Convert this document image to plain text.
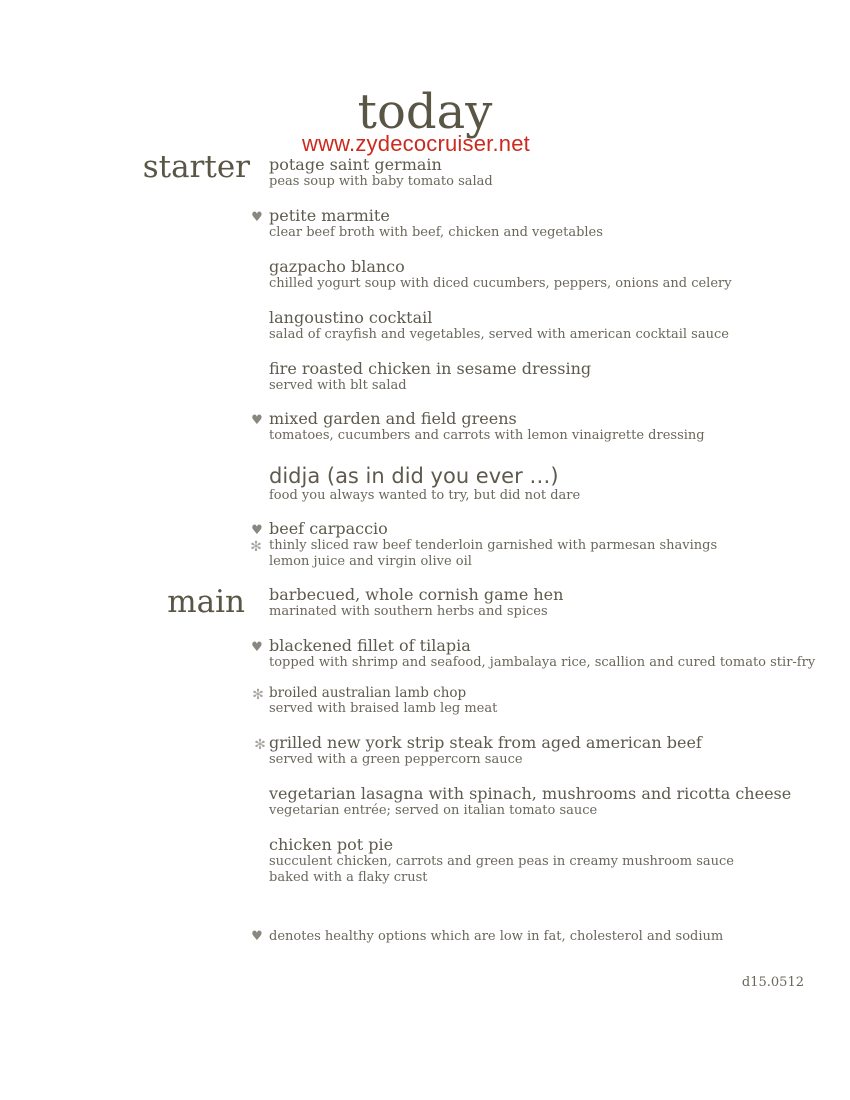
today
www.zydecocruiser.net
starter
main
potage saint germain
peas soup with baby tomato salad
♥ petite marmite
clear beef broth with beef, chicken and vegetables
gazpacho blanco
chilled yogurt soup with diced cucumbers, peppers, onions and celery
langoustino cocktail
salad of crayfish and vegetables, served with american cocktail sauce
fire roasted chicken in sesame dressing
served with blt salad
♥ mixed garden and field greens
tomatoes, cucumbers and carrots with lemon vinaigrette dressing
didja (as in did you ever …)
food you always wanted to try, but did not dare
♥
✻
beef carpaccio
thinly sliced raw beef tenderloin garnished with parmesan shavings
lemon juice and virgin olive oil
barbecued, whole cornish game hen
marinated with southern herbs and spices
♥ blackened fillet of tilapia
topped with shrimp and seafood, jambalaya rice, scallion and cured tomato stir-fry
✻ broiled australian lamb chop
served with braised lamb leg meat
✻ grilled new york strip steak from aged american beef
served with a green peppercorn sauce
vegetarian lasagna with spinach, mushrooms and ricotta cheese
vegetarian entrée; served on italian tomato sauce
chicken pot pie
succulent chicken, carrots and green peas in creamy mushroom sauce
baked with a flaky crust
♥ denotes healthy options which are low in fat, cholesterol and sodium
d15.0512
